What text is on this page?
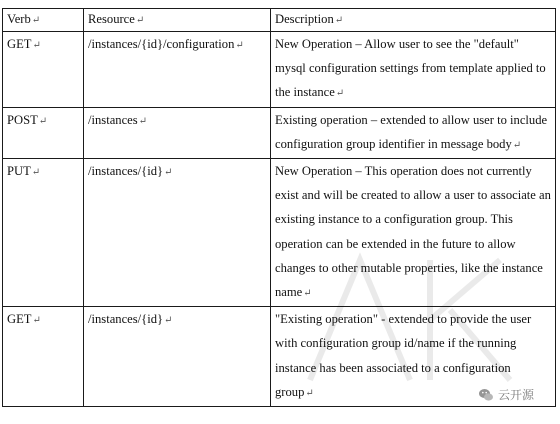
Verb↵	Resource↵	Description↵
GET↵	/instances/{id}/configuration↵	New Operation – Allow user to see the "default" mysql configuration settings from template applied to the instance↵
POST↵	/instances↵	Existing operation – extended to allow user to include configuration group identifier in message body↵
PUT↵	/instances/{id}↵	New Operation – This operation does not currently exist and will be created to allow a user to associate an existing instance to a configuration group. This operation can be extended in the future to allow changes to other mutable properties, like the instance name↵
GET↵	/instances/{id}↵	"Existing operation" - extended to provide the user with configuration group id/name if the running instance has been associated to a configuration group↵	云开源
